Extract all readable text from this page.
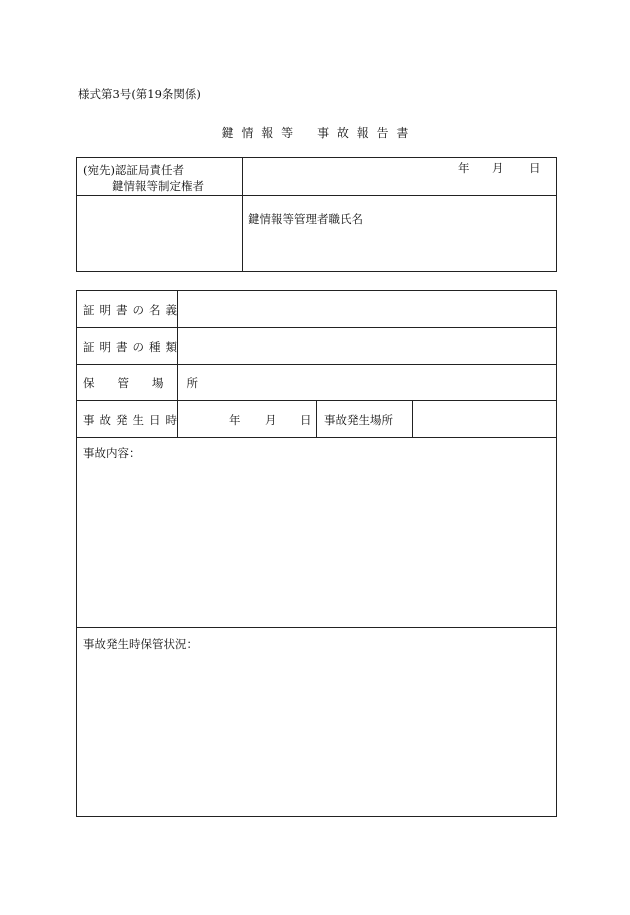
様式第3号(第19条関係)
鍵 情 報 等　　事 故 報 告 書
(宛先)認証局責任者
鍵情報等制定権者
年 月 日
鍵情報等管理者職氏名
証明書の名義
証明書の種類
保管場所
事故発生日時	年 月 日 事故発生場所
事故内容：
事故発生時保管状況：
